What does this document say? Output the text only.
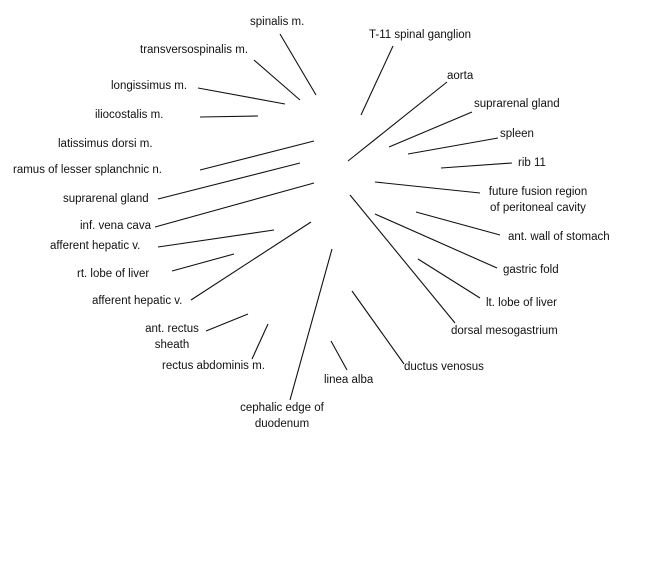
spinalis m.
transversospinalis m.
longissimus m.
iliocostalis m.
latissimus dorsi m.
ramus of lesser splanchnic n.
suprarenal gland
inf. vena cava
afferent hepatic v.
rt. lobe of liver
afferent hepatic v.
ant. rectus
sheath
rectus abdominis m.
cephalic edge of
duodenum
linea alba
ductus venosus
T-11 spinal ganglion
aorta
suprarenal gland
spleen
rib 11
future fusion region
of peritoneal cavity
ant. wall of stomach
gastric fold
lt. lobe of liver
dorsal mesogastrium
